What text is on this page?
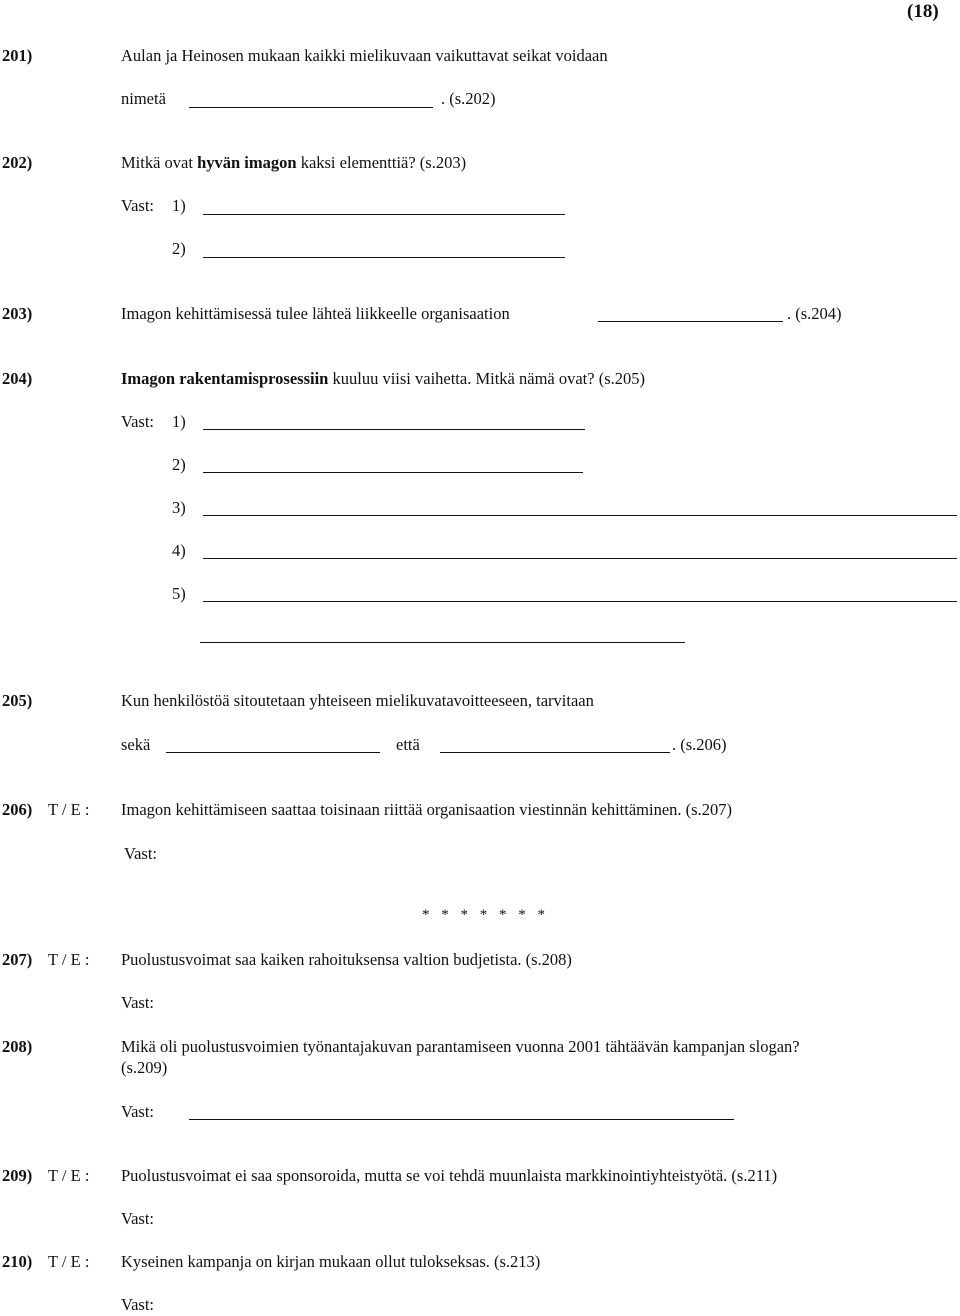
(18)
201)	Aulan ja Heinosen mukaan kaikki mielikuvaan vaikuttavat seikat voidaan
nimetä	. (s.202)
202)	Mitkä ovat hyvän imagon kaksi elementtiä? (s.203)
Vast: 1)
2)
203)	Imagon kehittämisessä tulee lähteä liikkeelle organisaation	. (s.204)
204)	Imagon rakentamisprosessiin kuuluu viisi vaihetta. Mitkä nämä ovat? (s.205)
Vast: 1)
2)
3)
4)
5)
205)	Kun henkilöstöä sitoutetaan yhteiseen mielikuvatavoitteeseen, tarvitaan
sekä	että	. (s.206)
206) T / E : Imagon kehittämiseen saattaa toisinaan riittää organisaation viestinnän kehittäminen. (s.207)
Vast:
* * * * * * *
207) T / E : Puolustusvoimat saa kaiken rahoituksensa valtion budjetista. (s.208)
Vast:
208)	Mikä oli puolustusvoimien työnantajakuvan parantamiseen vuonna 2001 tähtäävän kampanjan slogan?
(s.209)
Vast:
209) T / E : Puolustusvoimat ei saa sponsoroida, mutta se voi tehdä muunlaista markkinointiyhteistyötä. (s.211)
Vast:
210) T / E : Kyseinen kampanja on kirjan mukaan ollut tulokseksas. (s.213)
Vast:
